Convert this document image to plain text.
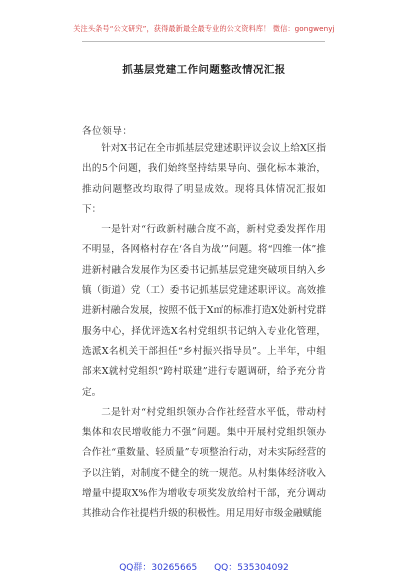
关注头条号“公文研究”，获得最新最全最专业的公文资料库！ 微信：gongwenyj
抓基层党建工作问题整改情况汇报
各位领导：

针对X书记在全市抓基层党建述职评议会议上给X区指出的5个问题，我们始终坚持结果导向、强化标本兼治，推动问题整改均取得了明显成效。现将具体情况汇报如下：

一是针对“行政新村融合度不高，新村党委发挥作用不明显，各网格村存在‘各自为战’”问题。将“四维一体”推进新村融合发展作为区委书记抓基层党建突破项目纳入乡镇（街道）党（工）委书记抓基层党建述职评议。高效推进新村融合发展，按照不低于X㎡的标准打造X处新村党群服务中心，择优评选X名村党组织书记纳入专业化管理，选派X名机关干部担任“乡村振兴指导员”。上半年，中组部来X就村党组织“跨村联建”进行专题调研，给予充分肯定。

二是针对“村党组织领办合作社经营水平低，带动村集体和农民增收能力不强”问题。集中开展村党组织领办合作社“重数量、轻质量”专项整治行动，对未实际经营的予以注销，对制度不健全的统一规范。从村集体经济收入增量中提取X%作为增收专项奖发放给村干部，充分调动其推动合作社提档升级的积极性。用足用好市级金融赋能

QQ群：30265665 QQ：535304092
